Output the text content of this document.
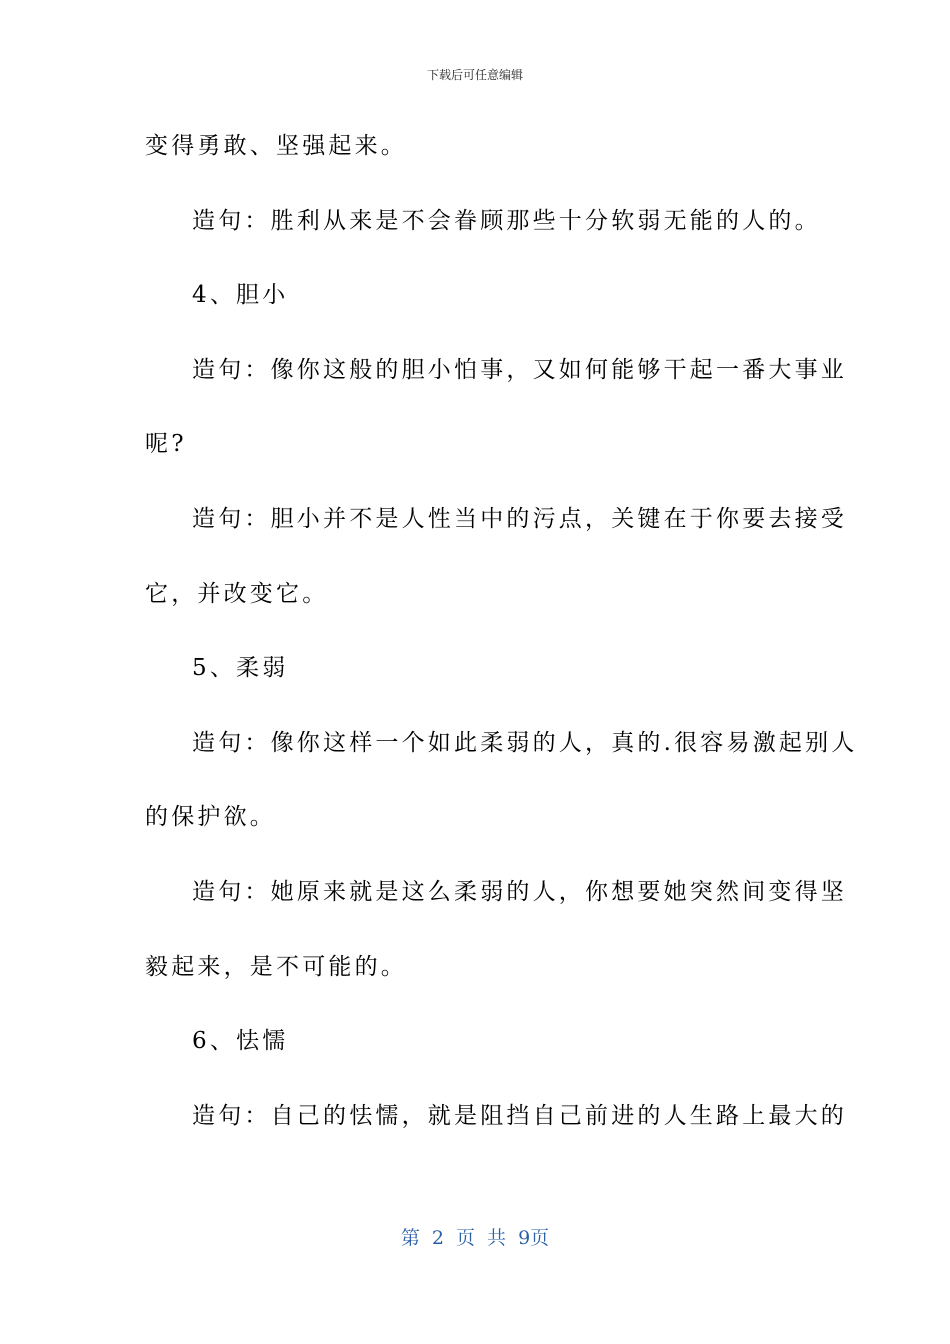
下载后可任意编辑
变得勇敢、坚强起来。
造句：胜利从来是不会眷顾那些十分软弱无能的人的。
4、胆小
造句：像你这般的胆小怕事，又如何能够干起一番大事业
呢?
造句：胆小并不是人性当中的污点，关键在于你要去接受
它，并改变它。
5、柔弱
造句：像你这样一个如此柔弱的人，真的.很容易激起别人
的保护欲。
造句：她原来就是这么柔弱的人，你想要她突然间变得坚
毅起来，是不可能的。
6、怯懦
造句：自己的怯懦，就是阻挡自己前进的人生路上最大的
第 2 页 共 9页
